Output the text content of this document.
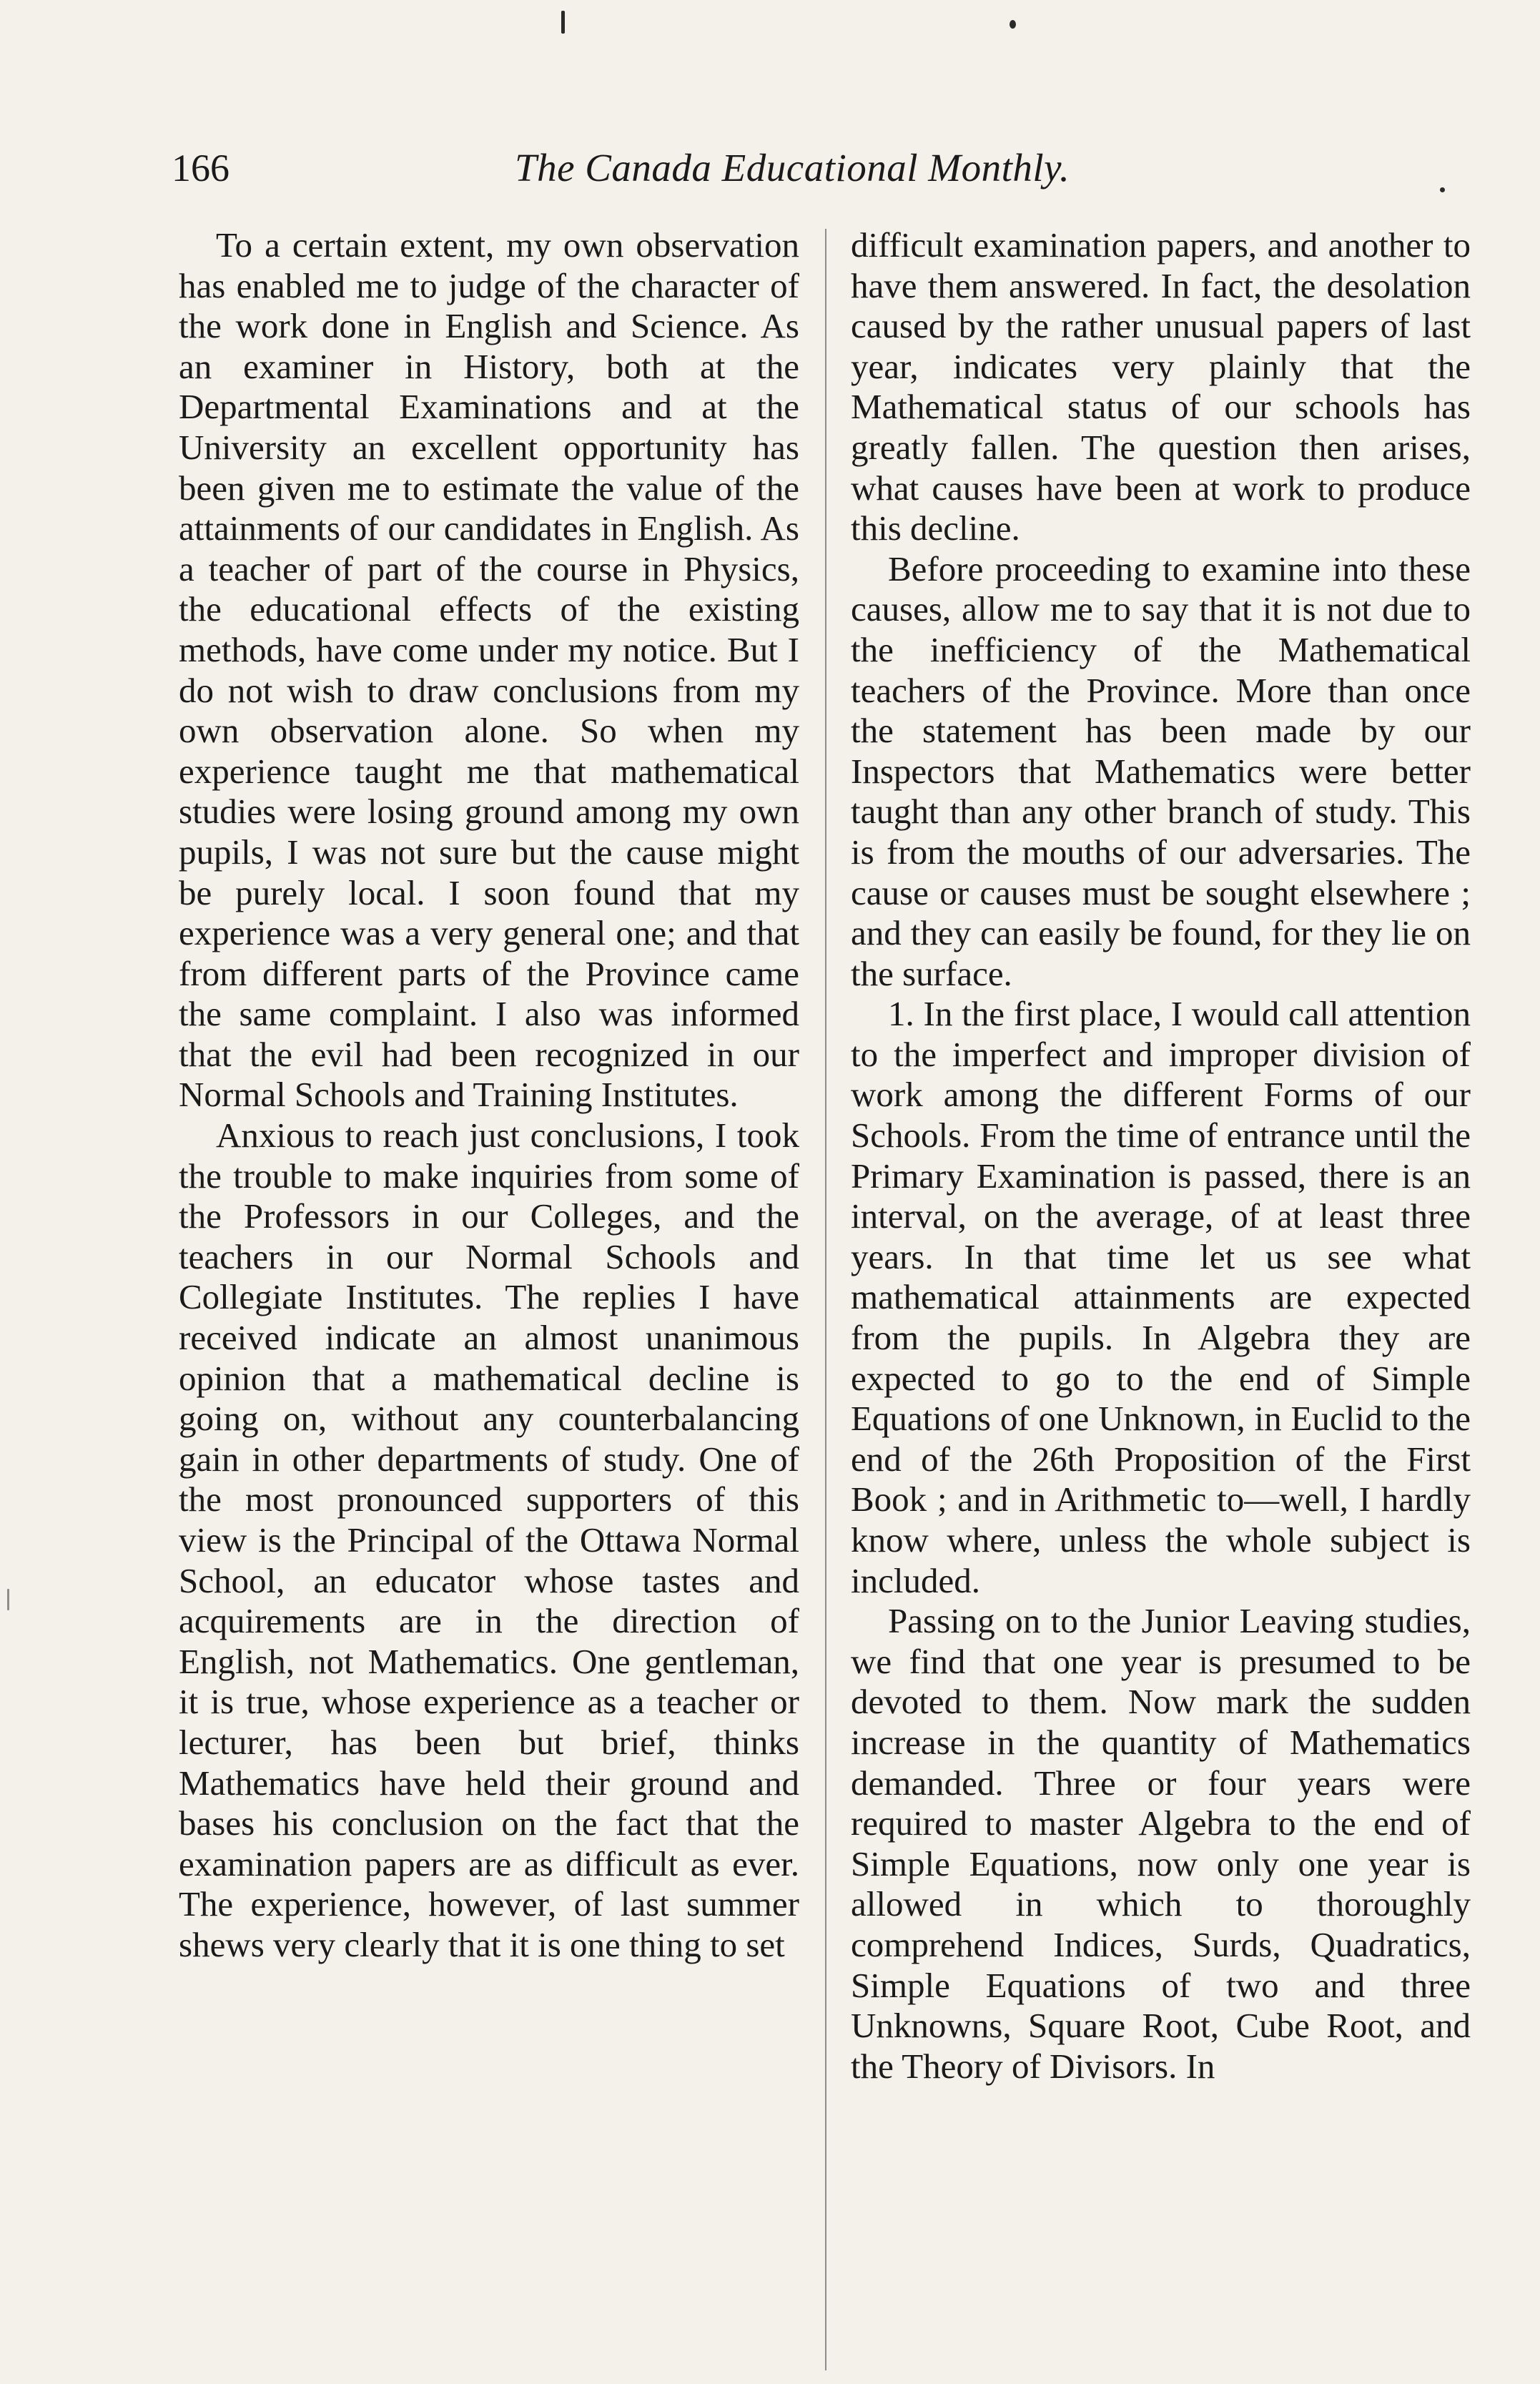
166	The Canada Educational Monthly.

To a certain extent, my own observation has enabled me to judge of the character of the work done in English and Science. As an examiner in History, both at the Departmental Examinations and at the University an excellent opportunity has been given me to estimate the value of the attainments of our candidates in English. As a teacher of part of the course in Physics, the educational effects of the existing methods, have come under my notice. But I do not wish to draw conclusions from my own observation alone. So when my experience taught me that mathematical studies were losing ground among my own pupils, I was not sure but the cause might be purely local. I soon found that my experience was a very general one; and that from different parts of the Province came the same complaint. I also was informed that the evil had been recognized in our Normal Schools and Training Institutes.

Anxious to reach just conclusions, I took the trouble to make inquiries from some of the Professors in our Colleges, and the teachers in our Normal Schools and Collegiate Institutes. The replies I have received indicate an almost unanimous opinion that a mathematical decline is going on, without any counterbalancing gain in other departments of study. One of the most pronounced supporters of this view is the Principal of the Ottawa Normal School, an educator whose tastes and acquirements are in the direction of English, not Mathematics. One gentleman, it is true, whose experience as a teacher or lecturer, has been but brief, thinks Mathematics have held their ground and bases his conclusion on the fact that the examination papers are as difficult as ever. The experience, however, of last summer shews very clearly that it is one thing to set

difficult examination papers, and another to have them answered. In fact, the desolation caused by the rather unusual papers of last year, indicates very plainly that the Mathematical status of our schools has greatly fallen. The question then arises, what causes have been at work to produce this decline.

Before proceeding to examine into these causes, allow me to say that it is not due to the inefficiency of the Mathematical teachers of the Province. More than once the statement has been made by our Inspectors that Mathematics were better taught than any other branch of study. This is from the mouths of our adversaries. The cause or causes must be sought elsewhere ; and they can easily be found, for they lie on the surface.

1. In the first place, I would call attention to the imperfect and improper division of work among the different Forms of our Schools. From the time of entrance until the Primary Examination is passed, there is an interval, on the average, of at least three years. In that time let us see what mathematical attainments are expected from the pupils. In Algebra they are expected to go to the end of Simple Equations of one Unknown, in Euclid to the end of the 26th Proposition of the First Book ; and in Arithmetic to—well, I hardly know where, unless the whole subject is included.

Passing on to the Junior Leaving studies, we find that one year is presumed to be devoted to them. Now mark the sudden increase in the quantity of Mathematics demanded. Three or four years were required to master Algebra to the end of Simple Equations, now only one year is allowed in which to thoroughly comprehend Indices, Surds, Quadratics, Simple Equations of two and three Unknowns, Square Root, Cube Root, and the Theory of Divisors. In
